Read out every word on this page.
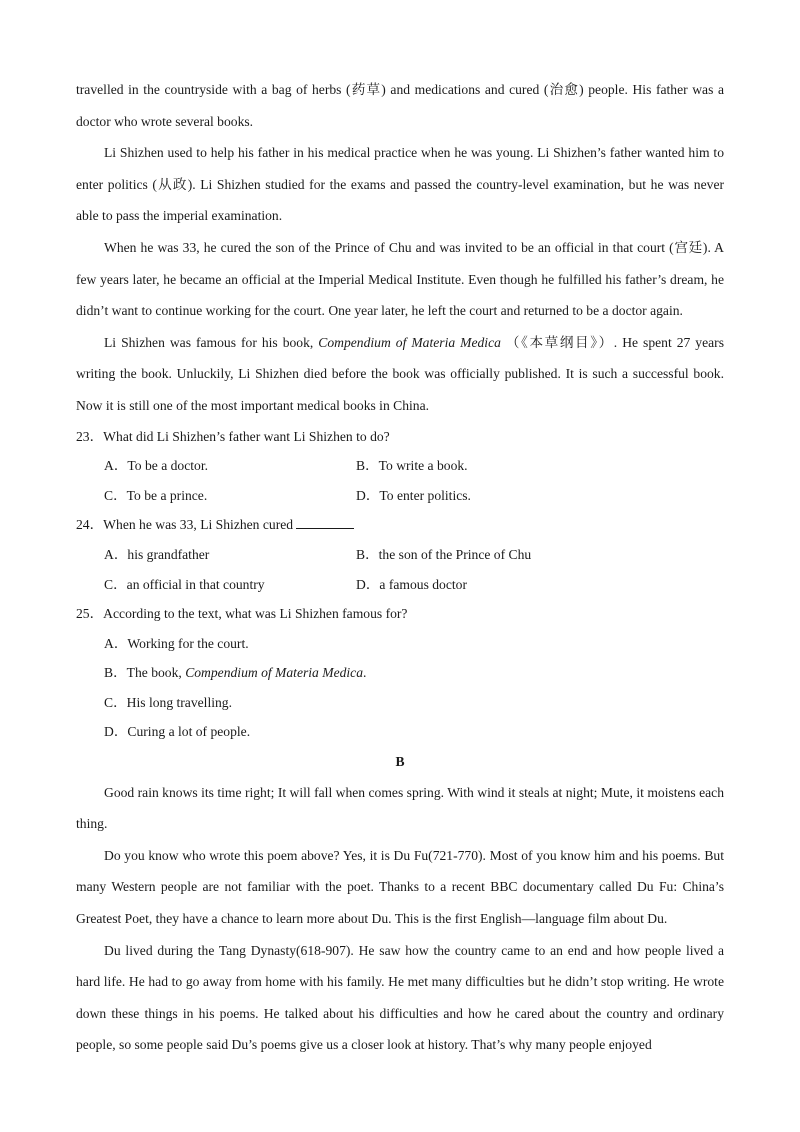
travelled in the countryside with a bag of herbs (药草) and medications and cured (治愈) people. His father was a doctor who wrote several books.

Li Shizhen used to help his father in his medical practice when he was young. Li Shizhen’s father wanted him to enter politics (从政). Li Shizhen studied for the exams and passed the country-level examination, but he was never able to pass the imperial examination.

When he was 33, he cured the son of the Prince of Chu and was invited to be an official in that court (宫廷). A few years later, he became an official at the Imperial Medical Institute. Even though he fulfilled his father’s dream, he didn’t want to continue working for the court. One year later, he left the court and returned to be a doctor again.

Li Shizhen was famous for his book, Compendium of Materia Medica （《本草纲目》）. He spent 27 years writing the book. Unluckily, Li Shizhen died before the book was officially published. It is such a successful book. Now it is still one of the most important medical books in China.

23．What did Li Shizhen’s father want Li Shizhen to do?

A．To be a doctor.	B．To write a book.
C．To be a prince.	D．To enter politics.

24．When he was 33, Li Shizhen cured

A．his grandfather	B．the son of the Prince of Chu
C．an official in that country	D．a famous doctor

25．According to the text, what was Li Shizhen famous for?

A．Working for the court.
B．The book, Compendium of Materia Medica.
C．His long travelling.
D．Curing a lot of people.

B

Good rain knows its time right; It will fall when comes spring. With wind it steals at night; Mute, it moistens each thing.

Do you know who wrote this poem above? Yes, it is Du Fu(721-770). Most of you know him and his poems. But many Western people are not familiar with the poet. Thanks to a recent BBC documentary called Du Fu: China’s Greatest Poet, they have a chance to learn more about Du. This is the first English—language film about Du.

Du lived during the Tang Dynasty(618-907). He saw how the country came to an end and how people lived a hard life. He had to go away from home with his family. He met many difficulties but he didn’t stop writing. He wrote down these things in his poems. He talked about his difficulties and how he cared about the country and ordinary people, so some people said Du’s poems give us a closer look at history. That’s why many people enjoyed
